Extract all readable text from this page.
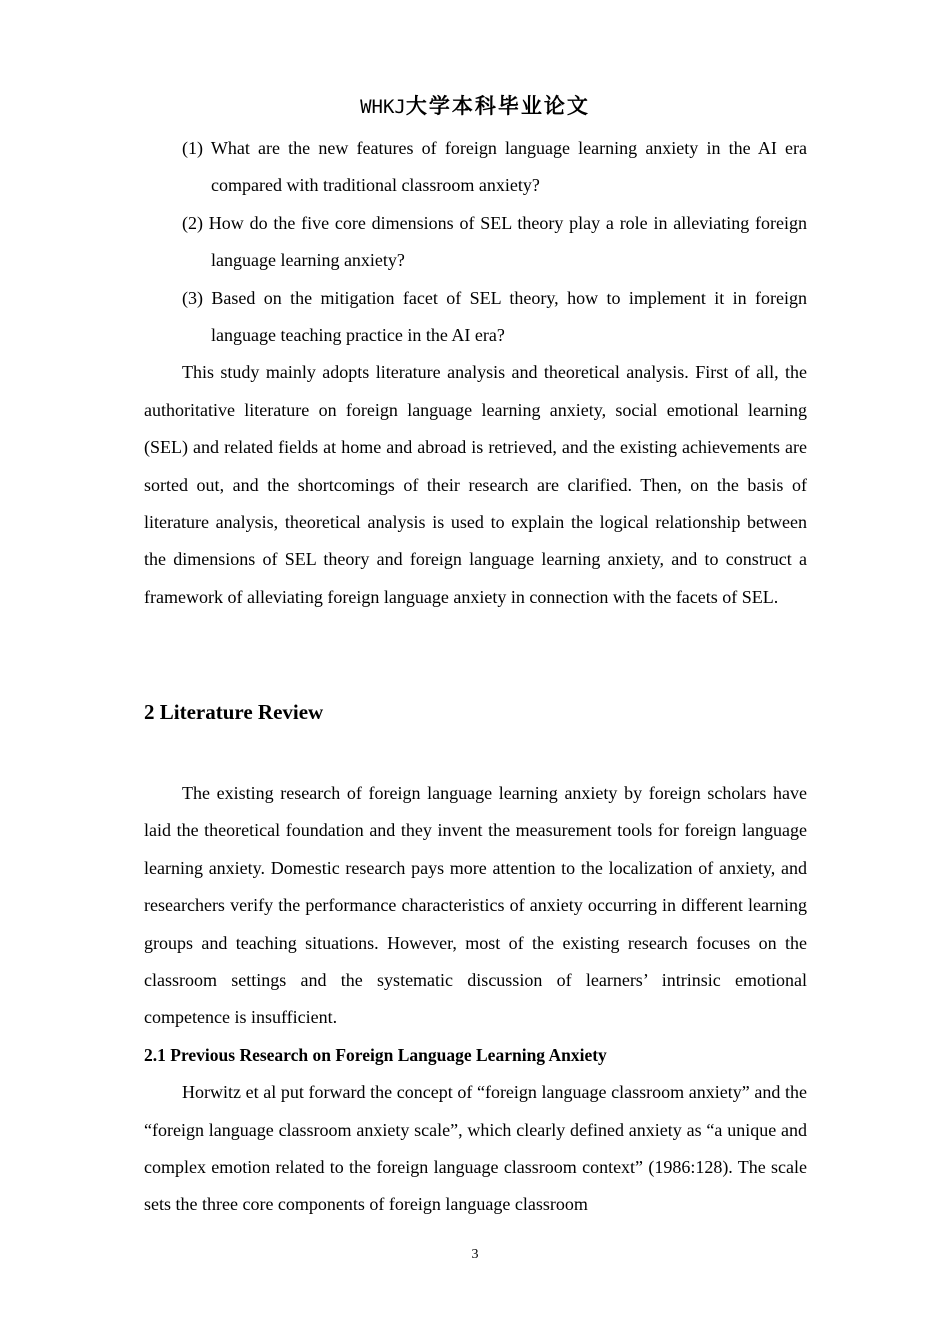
WHKJ大学本科毕业论文

(1) What are the new features of foreign language learning anxiety in the AI era compared with traditional classroom anxiety?

(2) How do the five core dimensions of SEL theory play a role in alleviating foreign language learning anxiety?

(3) Based on the mitigation facet of SEL theory, how to implement it in foreign language teaching practice in the AI era?

This study mainly adopts literature analysis and theoretical analysis. First of all, the authoritative literature on foreign language learning anxiety, social emotional learning (SEL) and related fields at home and abroad is retrieved, and the existing achievements are sorted out, and the shortcomings of their research are clarified. Then, on the basis of literature analysis, theoretical analysis is used to explain the logical relationship between the dimensions of SEL theory and foreign language learning anxiety, and to construct a framework of alleviating foreign language anxiety in connection with the facets of SEL.

2 Literature Review

The existing research of foreign language learning anxiety by foreign scholars have laid the theoretical foundation and they invent the measurement tools for foreign language learning anxiety. Domestic research pays more attention to the localization of anxiety, and researchers verify the performance characteristics of anxiety occurring in different learning groups and teaching situations. However, most of the existing research focuses on the classroom settings and the systematic discussion of learners’ intrinsic emotional competence is insufficient.

2.1 Previous Research on Foreign Language Learning Anxiety

Horwitz et al put forward the concept of “foreign language classroom anxiety” and the “foreign language classroom anxiety scale”, which clearly defined anxiety as “a unique and complex emotion related to the foreign language classroom context” (1986:128). The scale sets the three core components of foreign language classroom

3
